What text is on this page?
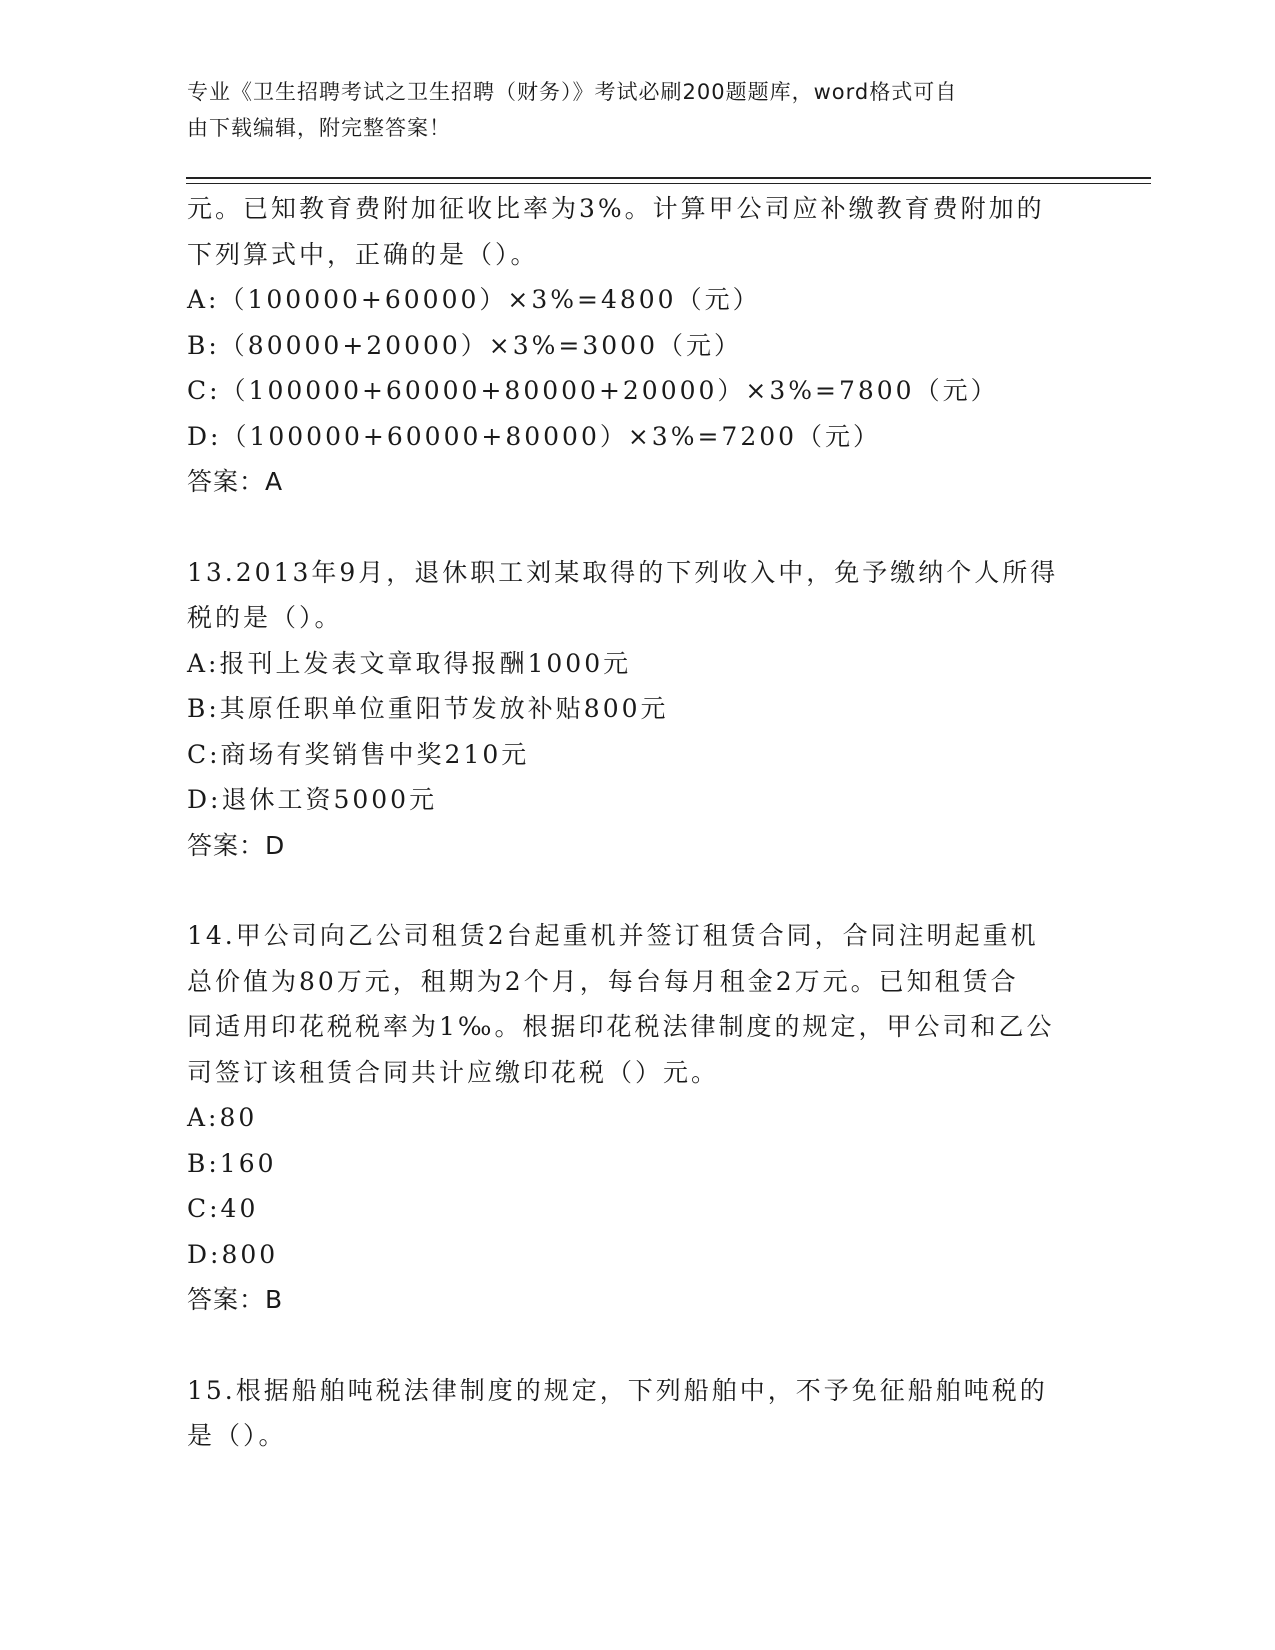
专业《卫生招聘考试之卫生招聘（财务）》考试必刷200题题库，word格式可自
由下载编辑，附完整答案！
元。已知教育费附加征收比率为3%。计算甲公司应补缴教育费附加的
下列算式中，正确的是（）。
A:（100000+60000）×3%=4800（元）
B:（80000+20000）×3%=3000（元）
C:（100000+60000+80000+20000）×3%=7800（元）
D:（100000+60000+80000）×3%=7200（元）
答案：A
13.2013年9月，退休职工刘某取得的下列收入中，免予缴纳个人所得
税的是（）。
A:报刊上发表文章取得报酬1000元
B:其原任职单位重阳节发放补贴800元
C:商场有奖销售中奖210元
D:退休工资5000元
答案：D
14.甲公司向乙公司租赁2台起重机并签订租赁合同，合同注明起重机
总价值为80万元，租期为2个月，每台每月租金2万元。已知租赁合
同适用印花税税率为1‰。根据印花税法律制度的规定，甲公司和乙公
司签订该租赁合同共计应缴印花税（）元。
A:80
B:160
C:40
D:800
答案：B
15.根据船舶吨税法律制度的规定，下列船舶中，不予免征船舶吨税的
是（）。
